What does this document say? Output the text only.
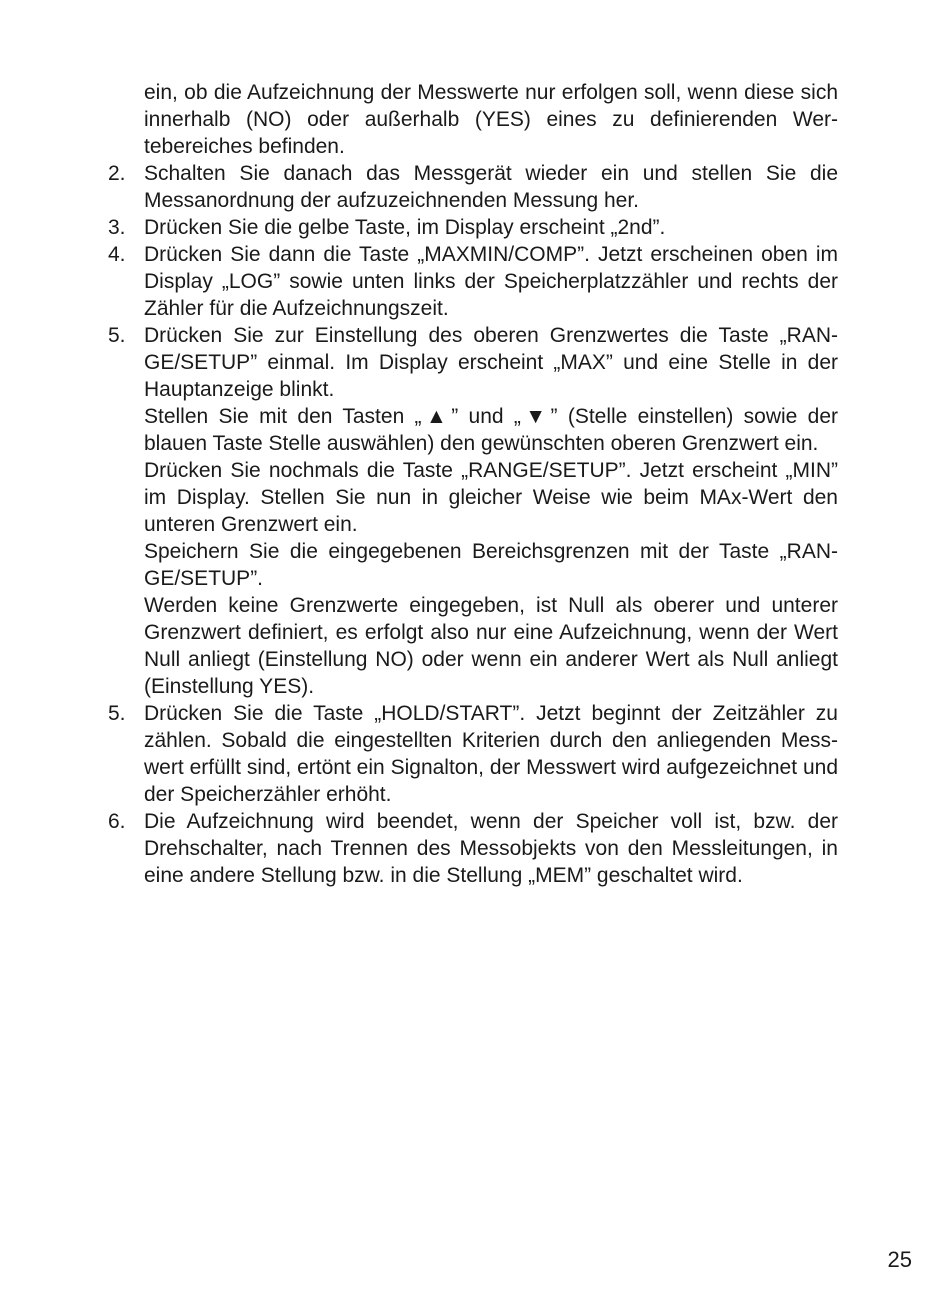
ein, ob die Aufzeichnung der Messwerte nur erfolgen soll, wenn diese sich innerhalb (NO) oder außerhalb (YES) eines zu definierenden Wertebereiches befinden.
2. Schalten Sie danach das Messgerät wieder ein und stellen Sie die Messanordnung der aufzuzeichnenden Messung her.
3. Drücken Sie die gelbe Taste, im Display erscheint „2nd”.
4. Drücken Sie dann die Taste „MAXMIN/COMP”. Jetzt erscheinen oben im Display „LOG” sowie unten links der Speicherplatzzähler und rechts der Zähler für die Aufzeichnungszeit.
5. Drücken Sie zur Einstellung des oberen Grenzwertes die Taste „RANGE/SETUP” einmal. Im Display erscheint „MAX” und eine Stelle in der Hauptanzeige blinkt.
Stellen Sie mit den Tasten „▲” und „▼” (Stelle einstellen) sowie der blauen Taste Stelle auswählen) den gewünschten oberen Grenzwert ein.
Drücken Sie nochmals die Taste „RANGE/SETUP”. Jetzt erscheint „MIN” im Display. Stellen Sie nun in gleicher Weise wie beim MAx-Wert den unteren Grenzwert ein.
Speichern Sie die eingegebenen Bereichsgrenzen mit der Taste „RANGE/SETUP”.
Werden keine Grenzwerte eingegeben, ist Null als oberer und unterer Grenzwert definiert, es erfolgt also nur eine Aufzeichnung, wenn der Wert Null anliegt (Einstellung NO) oder wenn ein anderer Wert als Null anliegt (Einstellung YES).
5. Drücken Sie die Taste „HOLD/START”. Jetzt beginnt der Zeitzähler zu zählen. Sobald die eingestellten Kriterien durch den anliegenden Messwert erfüllt sind, ertönt ein Signalton, der Messwert wird aufgezeichnet und der Speicherzähler erhöht.
6. Die Aufzeichnung wird beendet, wenn der Speicher voll ist, bzw. der Drehschalter, nach Trennen des Messobjekts von den Messleitungen, in eine andere Stellung bzw. in die Stellung „MEM” geschaltet wird.
25
